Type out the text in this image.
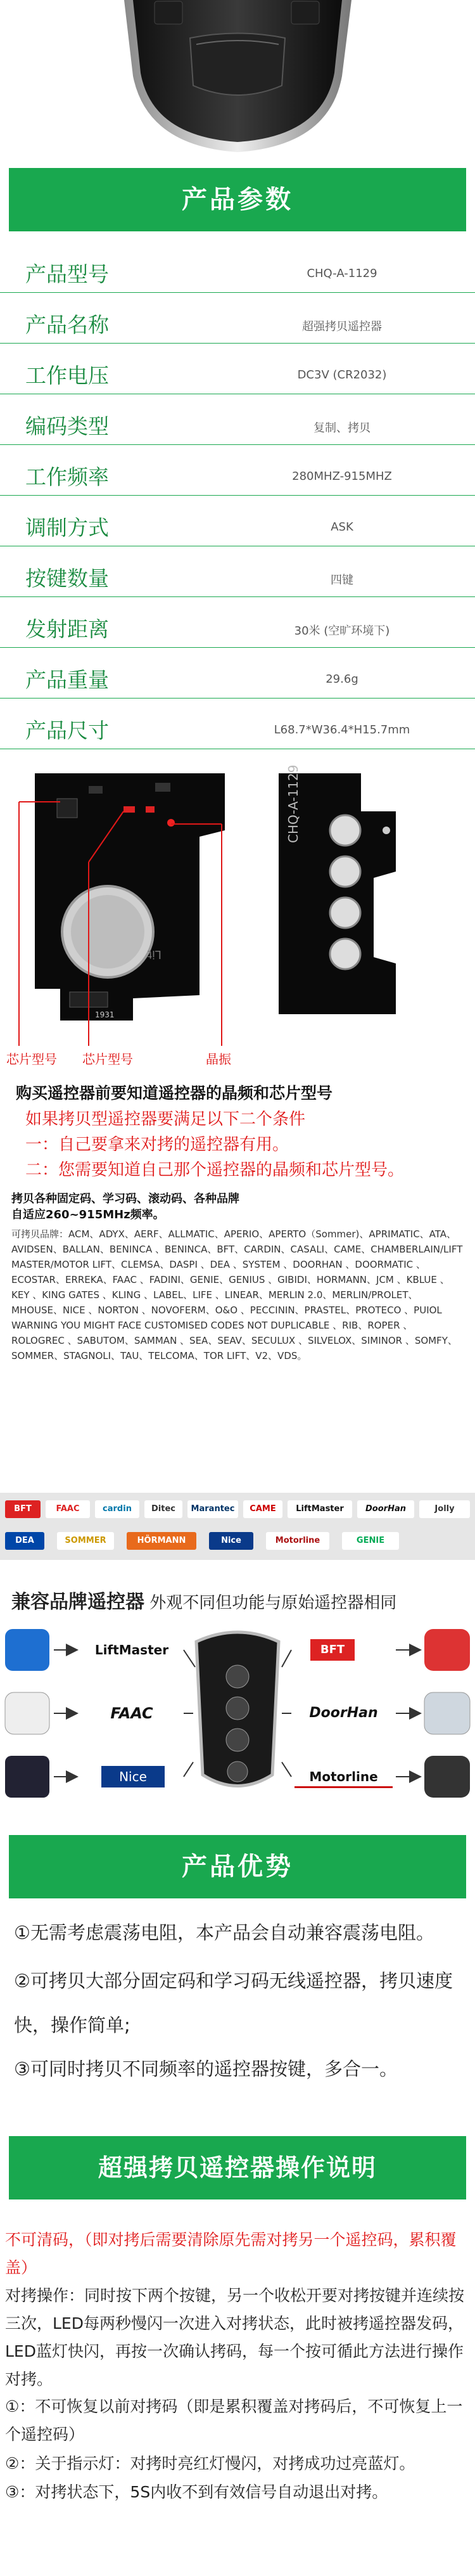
产品参数
产品型号	CHQ-A-1129
产品名称	超强拷贝遥控器
工作电压	DC3V (CR2032)
编码类型	复制、拷贝
工作频率	280MHZ-915MHZ
调制方式	ASK
按键数量	四键
发射距离	30米 (空旷环境下)
产品重量	29.6g
产品尺寸	L68.7*W36.4*H15.7mm
Lit
1931
CHQ-A-1129
芯片型号 芯片型号	晶振
购买遥控器前要知道遥控器的晶频和芯片型号
如果拷贝型遥控器要满足以下二个条件
一：自己要拿来对拷的遥控器有用。
二：您需要知道自己那个遥控器的晶频和芯片型号。
拷贝各种固定码、学习码、滚动码、各种品牌
自适应260~915MHz频率。
可拷贝品牌：ACM、ADYX、AERF、ALLMATIC、APERIO、APERTO（Sommer)、APRIMATIC、ATA、AVIDSEN、BALLAN、BENINCA 、BENINCA、BFT、CARDIN、CASALI、CAME、CHAMBERLAIN/LIFT MASTER/MOTOR LIFT、CLEMSA、DASPI 、DEA 、SYSTEM 、DOORHAN 、DOORMATIC 、ECOSTAR、ERREKA、FAAC 、FADINI、GENIE、GENIUS 、GIBIDI、HORMANN、JCM 、KBLUE 、KEY 、KING GATES 、KLING 、LABEL、LIFE 、LINEAR、MERLIN 2.0、MERLIN/PROLET、MHOUSE、NICE 、NORTON 、NOVOFERM、O&O 、PECCININ、PRASTEL、PROTECO 、PUIOL WARNING YOU MIGHT FACE CUSTOMISED CODES NOT DUPLICABLE 、RIB、ROPER 、ROLOGREC 、SABUTOM、SAMMAN 、SEA、SEAV、SECULUX 、SILVELOX、SIMINOR 、SOMFY、SOMMER、STAGNOLI、TAU、TELCOMA、TOR LIFT、V2、VDS。
BFT	FAAC	cardin	Ditec	Marantec	CAME	LiftMaster	DoorHan	Jolly
DEA	SOMMER	HÖRMANN	Nice	Motorline	GENIE
兼容品牌遥控器 外观不同但功能与原始遥控器相同
LiftMaster
FAAC
Nice
BFT
DoorHan
Motorline
产品优势
①无需考虑震荡电阻，本产品会自动兼容震荡电阻。
②可拷贝大部分固定码和学习码无线遥控器，拷贝速度快，操作简单;
③可同时拷贝不同频率的遥控器按键，多合一。
超强拷贝遥控器操作说明
不可清码，（即对拷后需要清除原先需对拷另一个遥控码，累积覆盖）
对拷操作：同时按下两个按键，另一个收松开要对拷按键并连续按三次，LED每两秒慢闪一次进入对拷状态，此时被拷遥控器发码，LED蓝灯快闪，再按一次确认拷码，每一个按可循此方法进行操作对拷。
①：不可恢复以前对拷码（即是累积覆盖对拷码后，不可恢复上一个遥控码）
②：关于指示灯：对拷时亮红灯慢闪，对拷成功过亮蓝灯。
③：对拷状态下，5S内收不到有效信号自动退出对拷。
